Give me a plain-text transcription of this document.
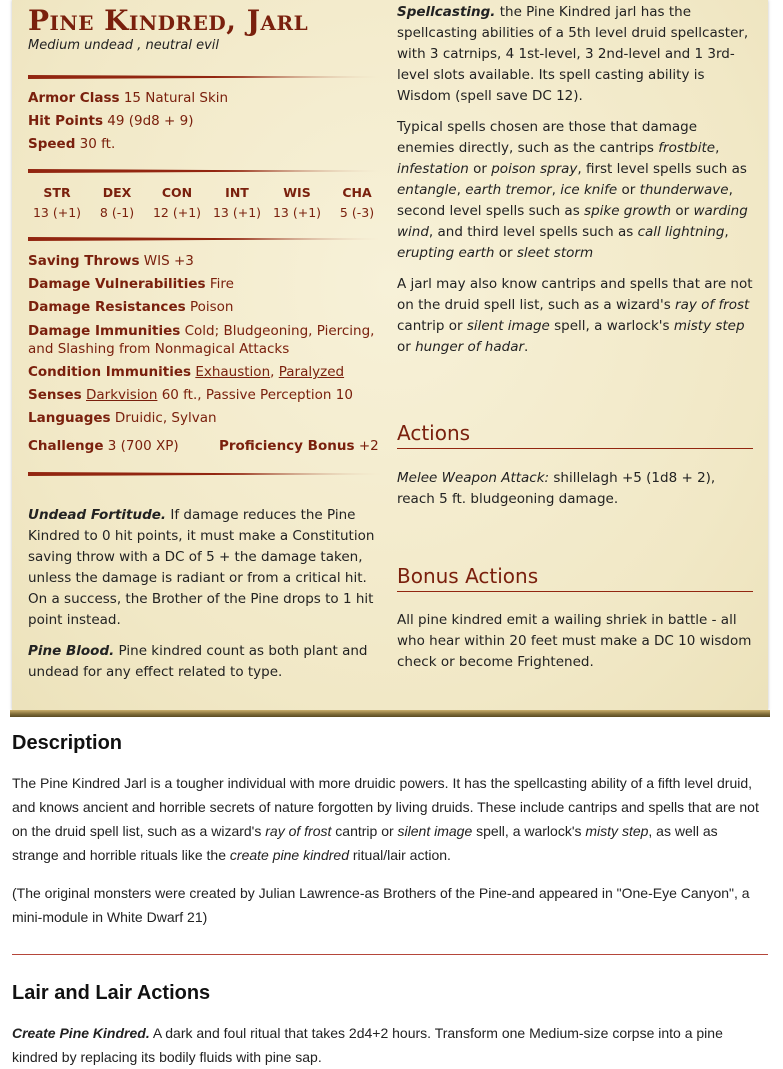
Pine Kindred, Jarl
Medium undead , neutral evil
Armor Class 15 Natural Skin
Hit Points 49 (9d8 + 9)
Speed 30 ft.
STR
13 (+1)
DEX
8 (-1)
CON
12 (+1)
INT
13 (+1)
WIS
13 (+1)
CHA
5 (-3)
Saving Throws WIS +3
Damage Vulnerabilities Fire
Damage Resistances Poison
Damage Immunities Cold; Bludgeoning, Piercing, and Slashing from Nonmagical Attacks
Condition Immunities Exhaustion, Paralyzed
Senses Darkvision 60 ft., Passive Perception 10
Languages Druidic, Sylvan
Challenge 3 (700 XP)	Proficiency Bonus +2

Undead Fortitude. If damage reduces the Pine Kindred to 0 hit points, it must make a Constitution saving throw with a DC of 5 + the damage taken, unless the damage is radiant or from a critical hit. On a success, the Brother of the Pine drops to 1 hit point instead.

Pine Blood. Pine kindred count as both plant and undead for any effect related to type.

Spellcasting. the Pine Kindred jarl has the spellcasting abilities of a 5th level druid spellcaster, with 3 catrnips, 4 1st-level, 3 2nd-level and 1 3rd-level slots available. Its spell casting ability is Wisdom (spell save DC 12).

Typical spells chosen are those that damage enemies directly, such as the cantrips frostbite, infestation or poison spray, first level spells such as entangle, earth tremor, ice knife or thunderwave, second level spells such as spike growth or warding wind, and third level spells such as call lightning, erupting earth or sleet storm

A jarl may also know cantrips and spells that are not on the druid spell list, such as a wizard's ray of frost cantrip or silent image spell, a warlock's misty step or hunger of hadar.

Actions

Melee Weapon Attack: shillelagh +5 (1d8 + 2), reach 5 ft. bludgeoning damage.

Bonus Actions

All pine kindred emit a wailing shriek in battle - all who hear within 20 feet must make a DC 10 wisdom check or become Frightened.

Description

The Pine Kindred Jarl is a tougher individual with more druidic powers. It has the spellcasting ability of a fifth level druid, and knows ancient and horrible secrets of nature forgotten by living druids. These include cantrips and spells that are not on the druid spell list, such as a wizard's ray of frost cantrip or silent image spell, a warlock's misty step, as well as strange and horrible rituals like the create pine kindred ritual/lair action.

(The original monsters were created by Julian Lawrence-as Brothers of the Pine-and appeared in "One-Eye Canyon", a mini-module in White Dwarf 21)

Lair and Lair Actions

Create Pine Kindred. A dark and foul ritual that takes 2d4+2 hours. Transform one Medium-size corpse into a pine kindred by replacing its bodily fluids with pine sap.
